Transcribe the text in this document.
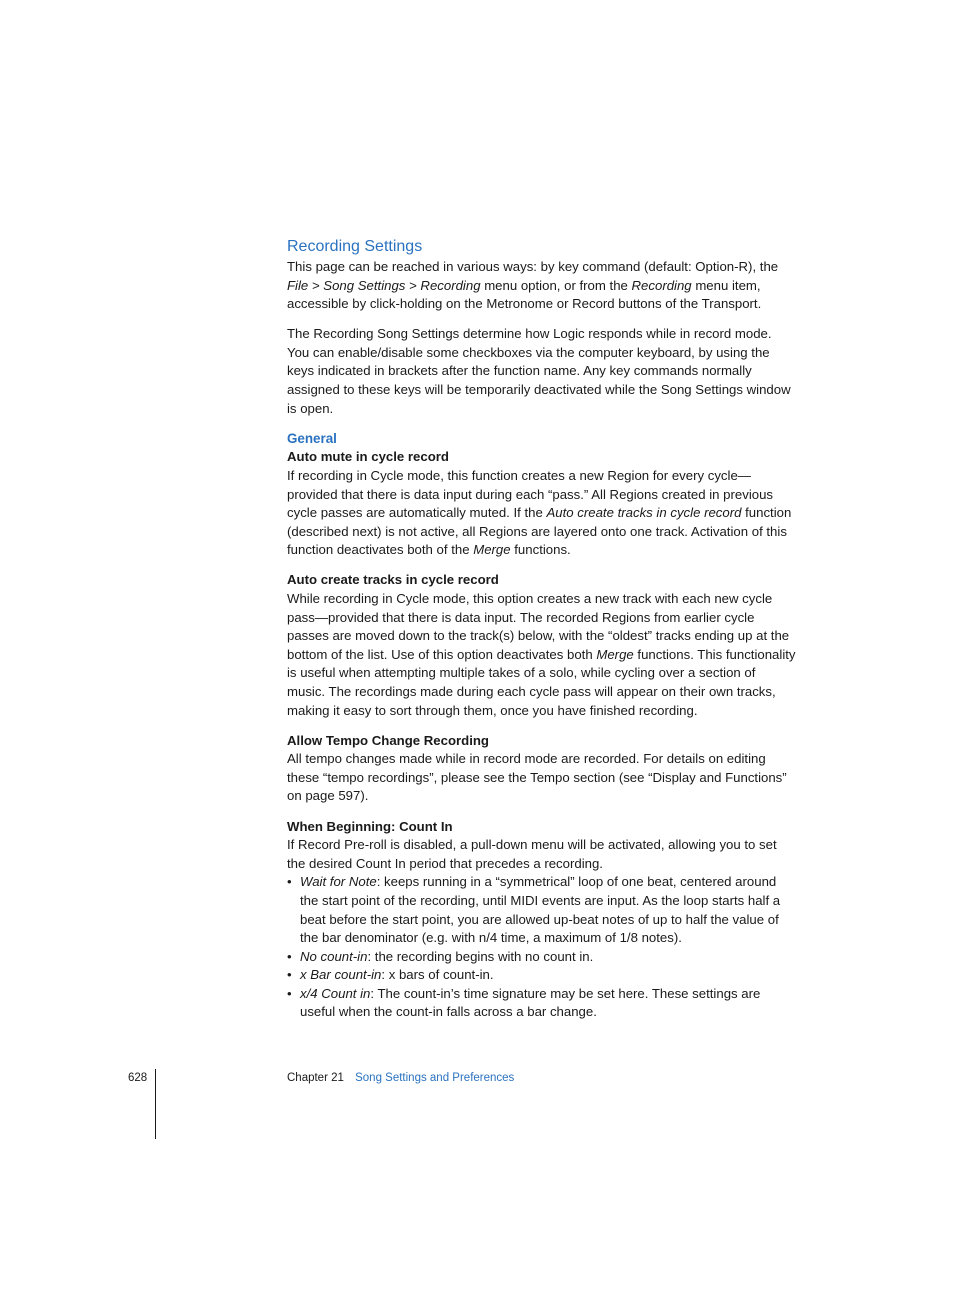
Recording Settings

This page can be reached in various ways: by key command (default: Option-R), the File > Song Settings > Recording menu option, or from the Recording menu item, accessible by click-holding on the Metronome or Record buttons of the Transport.

The Recording Song Settings determine how Logic responds while in record mode. You can enable/disable some checkboxes via the computer keyboard, by using the keys indicated in brackets after the function name. Any key commands normally assigned to these keys will be temporarily deactivated while the Song Settings window is open.

General
Auto mute in cycle record

If recording in Cycle mode, this function creates a new Region for every cycle—provided that there is data input during each “pass.” All Regions created in previous cycle passes are automatically muted. If the Auto create tracks in cycle record function (described next) is not active, all Regions are layered onto one track. Activation of this function deactivates both of the Merge functions.

Auto create tracks in cycle record

While recording in Cycle mode, this option creates a new track with each new cycle pass—provided that there is data input. The recorded Regions from earlier cycle passes are moved down to the track(s) below, with the “oldest” tracks ending up at the bottom of the list. Use of this option deactivates both Merge functions. This functionality is useful when attempting multiple takes of a solo, while cycling over a section of music. The recordings made during each cycle pass will appear on their own tracks, making it easy to sort through them, once you have finished recording.

Allow Tempo Change Recording

All tempo changes made while in record mode are recorded. For details on editing these “tempo recordings”, please see the Tempo section (see “Display and Functions” on page 597).

When Beginning: Count In

If Record Pre-roll is disabled, a pull-down menu will be activated, allowing you to set the desired Count In period that precedes a recording.

• Wait for Note: keeps running in a “symmetrical” loop of one beat, centered around the start point of the recording, until MIDI events are input. As the loop starts half a beat before the start point, you are allowed up-beat notes of up to half the value of the bar denominator (e.g. with n/4 time, a maximum of 1/8 notes).
• No count-in: the recording begins with no count in.
• x Bar count-in: x bars of count-in.
• x/4 Count in: The count-in’s time signature may be set here. These settings are useful when the count-in falls across a bar change.
628	Chapter 21 Song Settings and Preferences
